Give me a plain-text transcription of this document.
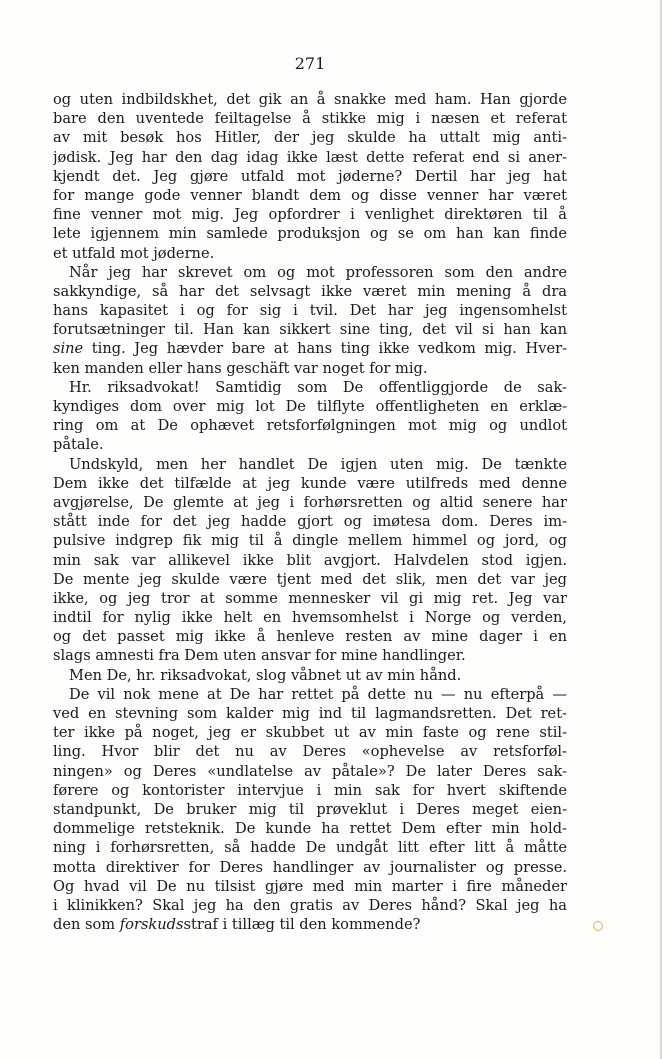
271
og uten indbildskhet, det gik an å snakke med ham. Han gjorde
bare den uventede feiltagelse å stikke mig i næsen et referat
av mit besøk hos Hitler, der jeg skulde ha uttalt mig anti-
jødisk. Jeg har den dag idag ikke læst dette referat end si aner-
kjendt det. Jeg gjøre utfald mot jøderne? Dertil har jeg hat
for mange gode venner blandt dem og disse venner har været
fine venner mot mig. Jeg opfordrer i venlighet direktøren til å
lete igjennem min samlede produksjon og se om han kan finde
et utfald mot jøderne.
Når jeg har skrevet om og mot professoren som den andre
sakkyndige, så har det selvsagt ikke været min mening å dra
hans kapasitet i og for sig i tvil. Det har jeg ingensomhelst
forutsætninger til. Han kan sikkert sine ting, det vil si han kan
sine ting. Jeg hævder bare at hans ting ikke vedkom mig. Hver-
ken manden eller hans geschäft var noget for mig.
Hr. riksadvokat! Samtidig som De offentliggjorde de sak-
kyndiges dom over mig lot De tilflyte offentligheten en erklæ-
ring om at De ophævet retsforfølgningen mot mig og undlot
påtale.
Undskyld, men her handlet De igjen uten mig. De tænkte
Dem ikke det tilfælde at jeg kunde være utilfreds med denne
avgjørelse, De glemte at jeg i forhørsretten og altid senere har
stått inde for det jeg hadde gjort og imøtesa dom. Deres im-
pulsive indgrep fik mig til å dingle mellem himmel og jord, og
min sak var allikevel ikke blit avgjort. Halvdelen stod igjen.
De mente jeg skulde være tjent med det slik, men det var jeg
ikke, og jeg tror at somme mennesker vil gi mig ret. Jeg var
indtil for nylig ikke helt en hvemsomhelst i Norge og verden,
og det passet mig ikke å henleve resten av mine dager i en
slags amnesti fra Dem uten ansvar for mine handlinger.
Men De, hr. riksadvokat, slog våbnet ut av min hånd.
De vil nok mene at De har rettet på dette nu — nu efterpå —
ved en stevning som kalder mig ind til lagmandsretten. Det ret-
ter ikke på noget, jeg er skubbet ut av min faste og rene stil-
ling. Hvor blir det nu av Deres «ophevelse av retsforføl-
ningen» og Deres «undlatelse av påtale»? De later Deres sak-
førere og kontorister intervjue i min sak for hvert skiftende
standpunkt, De bruker mig til prøveklut i Deres meget eien-
dommelige retsteknik. De kunde ha rettet Dem efter min hold-
ning i forhørsretten, så hadde De undgåt litt efter litt å måtte
motta direktiver for Deres handlinger av journalister og presse.
Og hvad vil De nu tilsist gjøre med min marter i fire måneder
i klinikken? Skal jeg ha den gratis av Deres hånd? Skal jeg ha
den som forskudsstraf i tillæg til den kommende?
